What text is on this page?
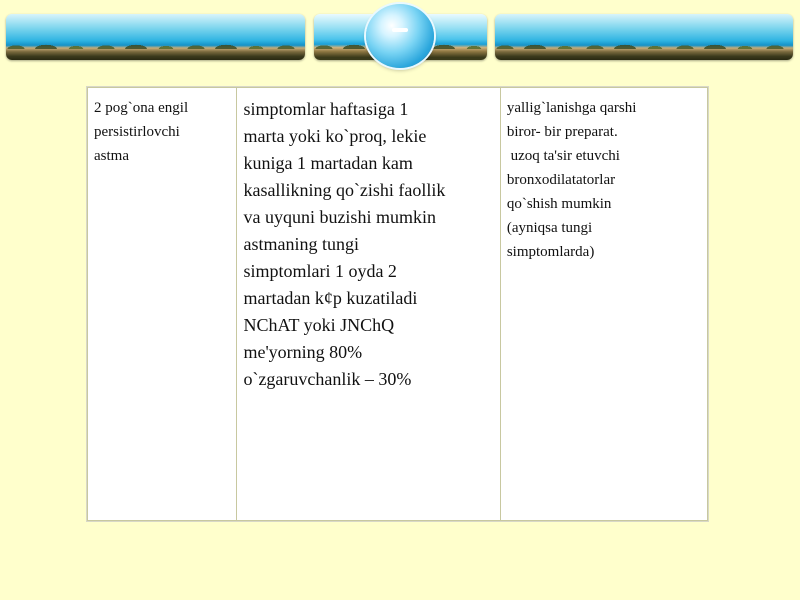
2 pog`ona engil
persistirlovchi
astma

simptomlar haftasiga 1
marta yoki ko`proq, lekie
kuniga 1 martadan kam
kasallikning qo`zishi faollik
va uyquni buzishi mumkin
astmaning tungi
simptomlari 1 oyda 2
martadan k¢p kuzatiladi
NChAT yoki JNChQ
me'yorning 80%
o`zgaruvchanlik – 30%

yallig`lanishga qarshi
biror- bir preparat.
uzoq ta'sir etuvchi
bronxodilatatorlar
qo`shish mumkin
(ayniqsa tungi
simptomlarda)
